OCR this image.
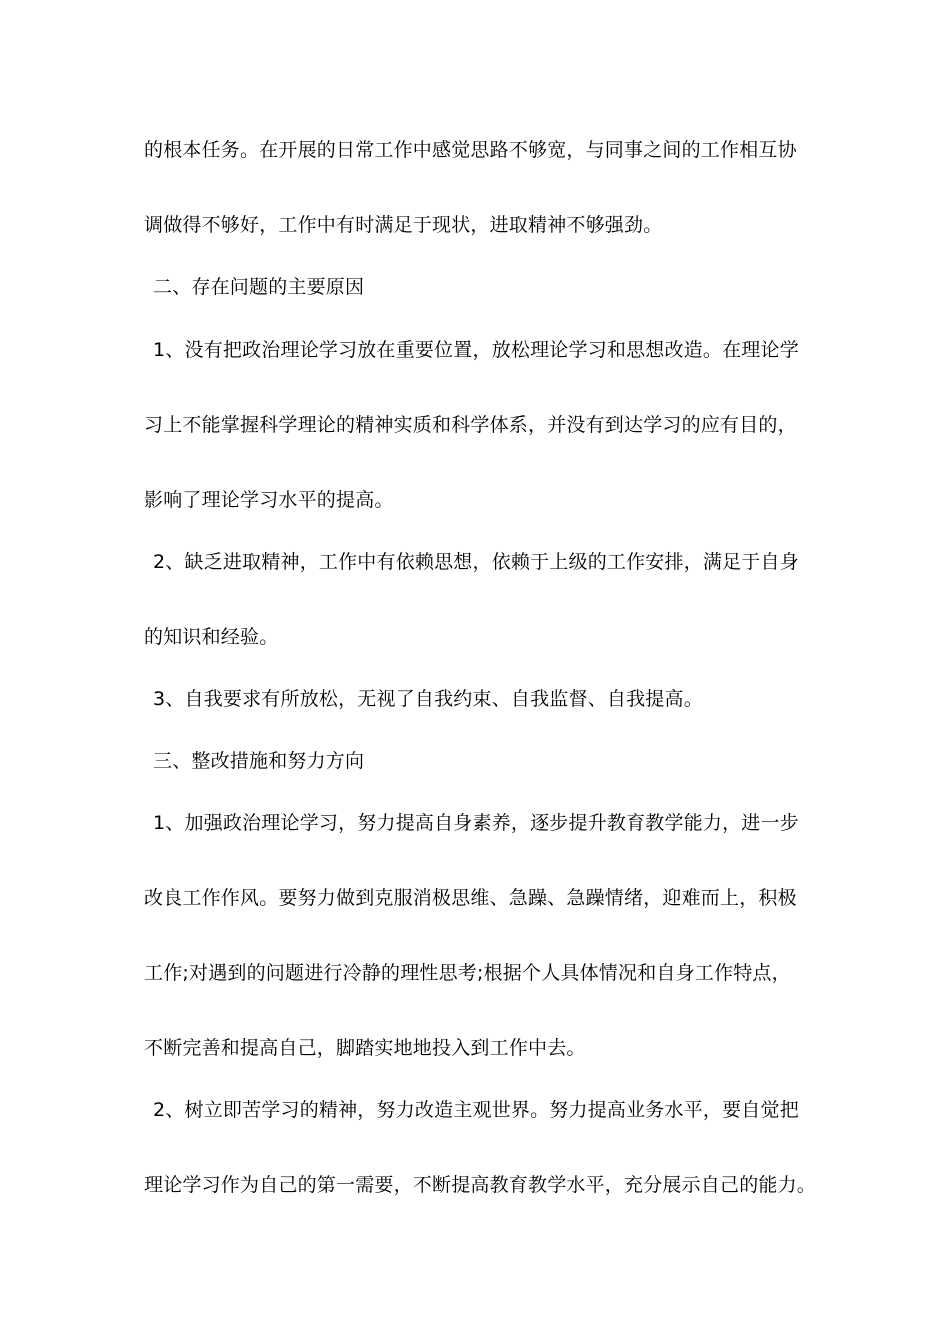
的根本任务。在开展的日常工作中感觉思路不够宽，与同事之间的工作相互协
调做得不够好，工作中有时满足于现状，进取精神不够强劲。
二、存在问题的主要原因
1、没有把政治理论学习放在重要位置，放松理论学习和思想改造。在理论学
习上不能掌握科学理论的精神实质和科学体系，并没有到达学习的应有目的，
影响了理论学习水平的提高。
2、缺乏进取精神，工作中有依赖思想，依赖于上级的工作安排，满足于自身
的知识和经验。
3、自我要求有所放松，无视了自我约束、自我监督、自我提高。
三、整改措施和努力方向
1、加强政治理论学习，努力提高自身素养，逐步提升教育教学能力，进一步
改良工作作风。要努力做到克服消极思维、急躁、急躁情绪，迎难而上，积极
工作;对遇到的问题进行冷静的理性思考;根据个人具体情况和自身工作特点，
不断完善和提高自己，脚踏实地地投入到工作中去。
2、树立即苦学习的精神，努力改造主观世界。努力提高业务水平，要自觉把
理论学习作为自己的第一需要，不断提高教育教学水平，充分展示自己的能力。
